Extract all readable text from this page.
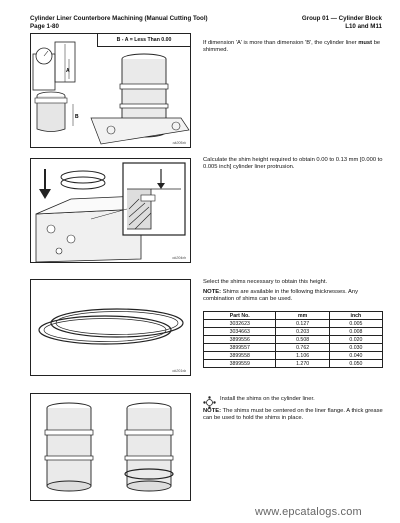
Cylinder Liner Counterbore Machining (Manual Cutting Tool)
Page 1-80
Group 01 — Cylinder Block
L10 and M11
B - A = Less Than 0.00
A
B
ok205xk
If dimension 'A' is more than dimension 'B', the cylinder liner must be shimmed.
ok204xh
Calculate the shim height required to obtain 0.00 to 0.13 mm [0.000 to 0.005 inch] cylinder liner protrusion.
ok201xb
Select the shims necessary to obtain this height.
NOTE: Shims are available in the following thicknesses. Any combination of shims can be used.
Part No.	mm	inch
3032623	0.127	0.005
3034663	0.203	0.008
3899556	0.508	0.020
3899557	0.762	0.030
3899558	1.106	0.040
3899559	1.270	0.050
Install the shims on the cylinder liner.
NOTE: The shims must be centered on the liner flange. A thick grease can be used to hold the shims in place.
www.epcatalogs.com
